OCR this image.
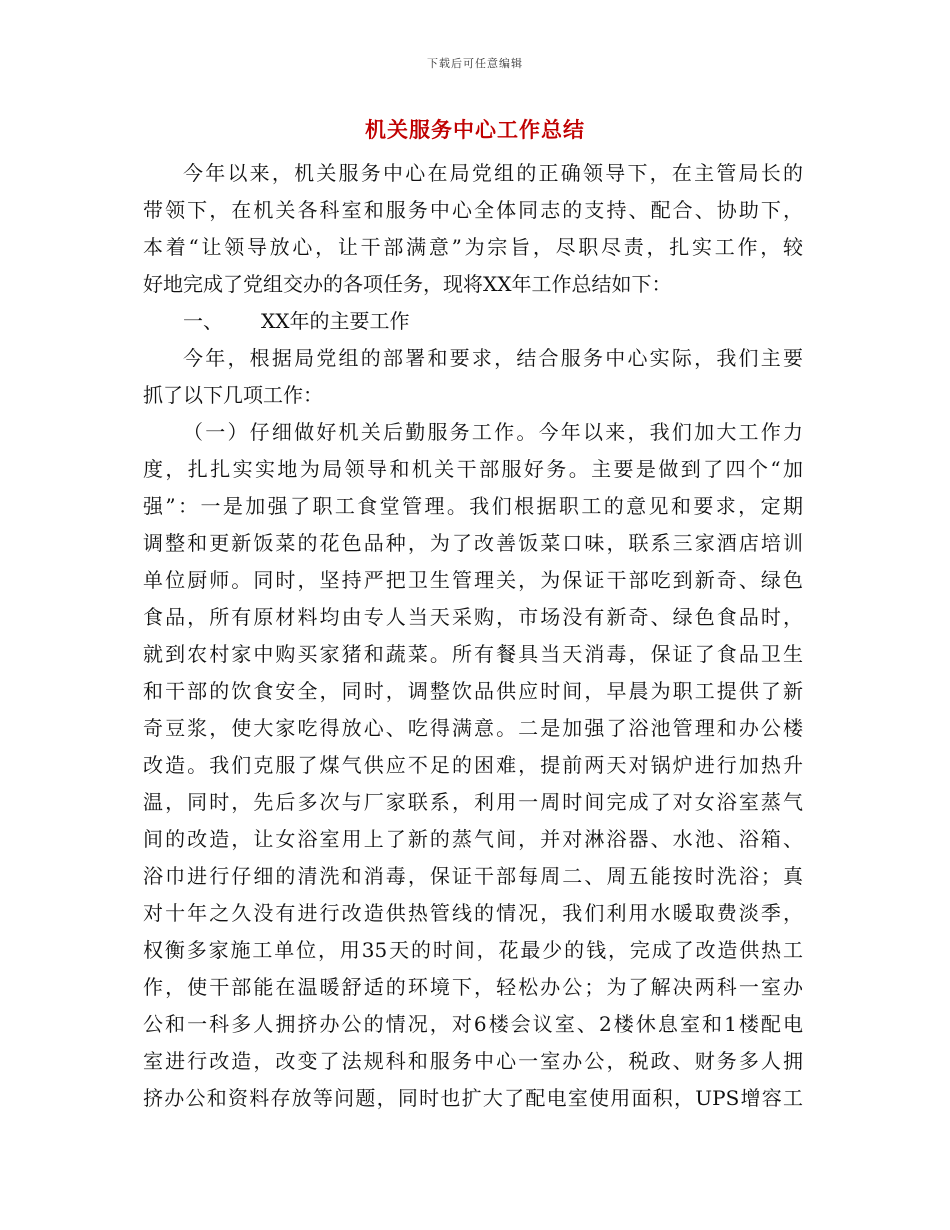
下载后可任意编辑
机关服务中心工作总结
今年以来，机关服务中心在局党组的正确领导下，在主管局长的
带领下，在机关各科室和服务中心全体同志的支持、配合、协助下，
本着“让领导放心，让干部满意”为宗旨，尽职尽责，扎实工作，较
好地完成了党组交办的各项任务，现将XX年工作总结如下：
一、 XX年的主要工作
今年，根据局党组的部署和要求，结合服务中心实际，我们主要
抓了以下几项工作：
（一）仔细做好机关后勤服务工作。今年以来，我们加大工作力
度，扎扎实实地为局领导和机关干部服好务。主要是做到了四个“加
强”：一是加强了职工食堂管理。我们根据职工的意见和要求，定期
调整和更新饭菜的花色品种，为了改善饭菜口味，联系三家酒店培训
单位厨师。同时，坚持严把卫生管理关，为保证干部吃到新奇、绿色
食品，所有原材料均由专人当天采购，市场没有新奇、绿色食品时，
就到农村家中购买家猪和蔬菜。所有餐具当天消毒，保证了食品卫生
和干部的饮食安全，同时，调整饮品供应时间，早晨为职工提供了新
奇豆浆，使大家吃得放心、吃得满意。二是加强了浴池管理和办公楼
改造。我们克服了煤气供应不足的困难，提前两天对锅炉进行加热升
温，同时，先后多次与厂家联系，利用一周时间完成了对女浴室蒸气
间的改造，让女浴室用上了新的蒸气间，并对淋浴器、水池、浴箱、
浴巾进行仔细的清洗和消毒，保证干部每周二、周五能按时洗浴；真
对十年之久没有进行改造供热管线的情况，我们利用水暖取费淡季，
权衡多家施工单位，用35天的时间，花最少的钱，完成了改造供热工
作，使干部能在温暖舒适的环境下，轻松办公；为了解决两科一室办
公和一科多人拥挤办公的情况，对6楼会议室、2楼休息室和1楼配电
室进行改造，改变了法规科和服务中心一室办公，税政、财务多人拥
挤办公和资料存放等问题，同时也扩大了配电室使用面积，UPS增容工
